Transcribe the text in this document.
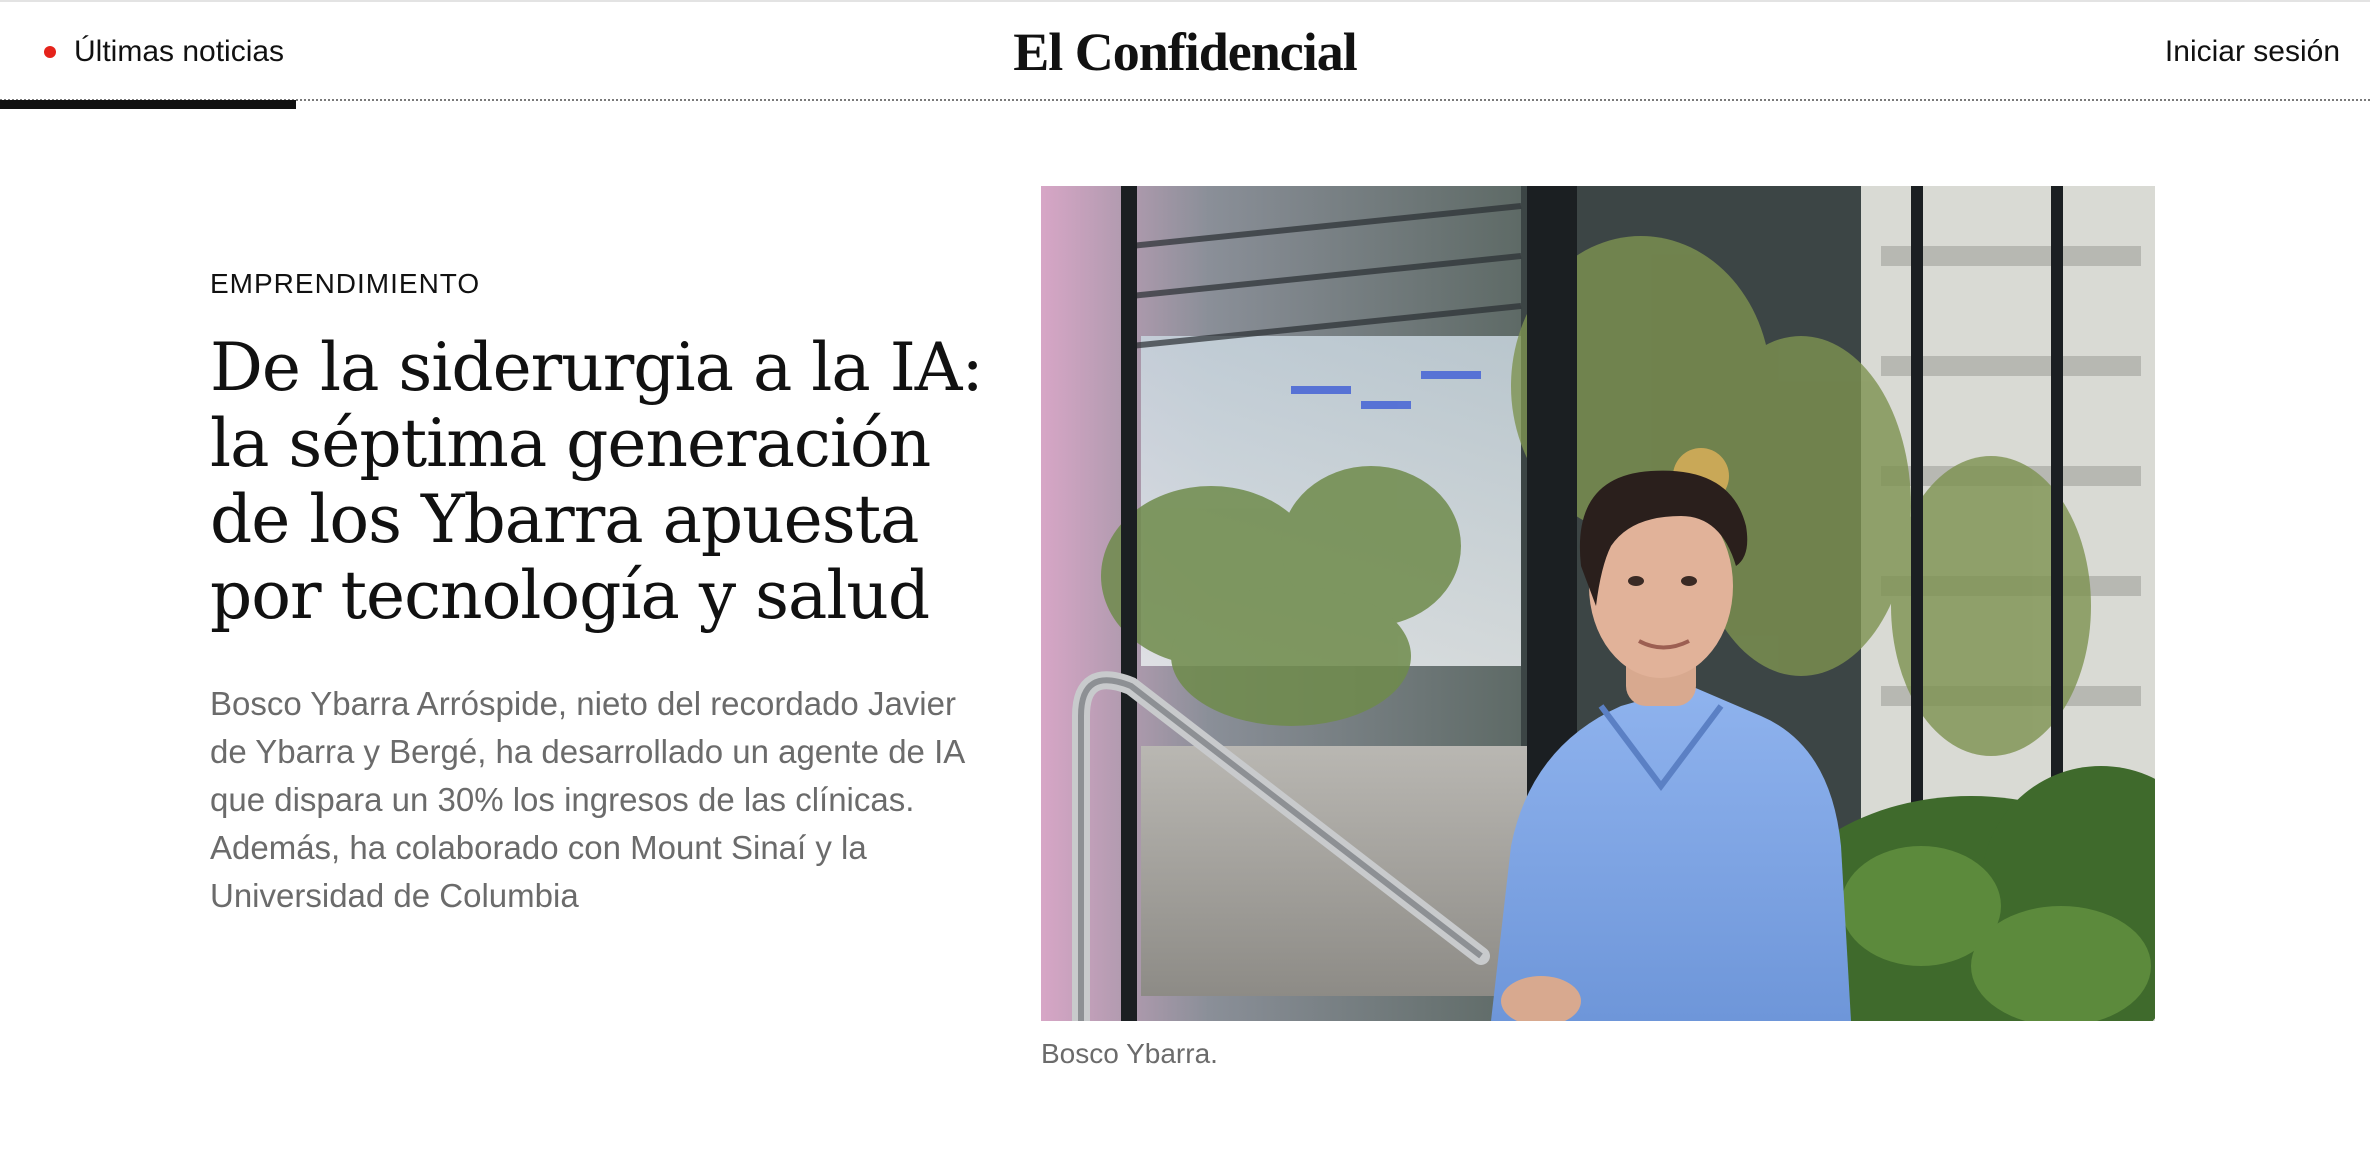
Últimas noticias	El Confidencial	Iniciar sesión
EMPRENDIMIENTO
De la siderurgia a la IA: la séptima generación de los Ybarra apuesta por tecnología y salud

Bosco Ybarra Arróspide, nieto del recordado Javier de Ybarra y Bergé, ha desarrollado un agente de IA que dispara un 30% los ingresos de las clínicas. Además, ha colaborado con Mount Sinaí y la Universidad de Columbia

Bosco Ybarra.
